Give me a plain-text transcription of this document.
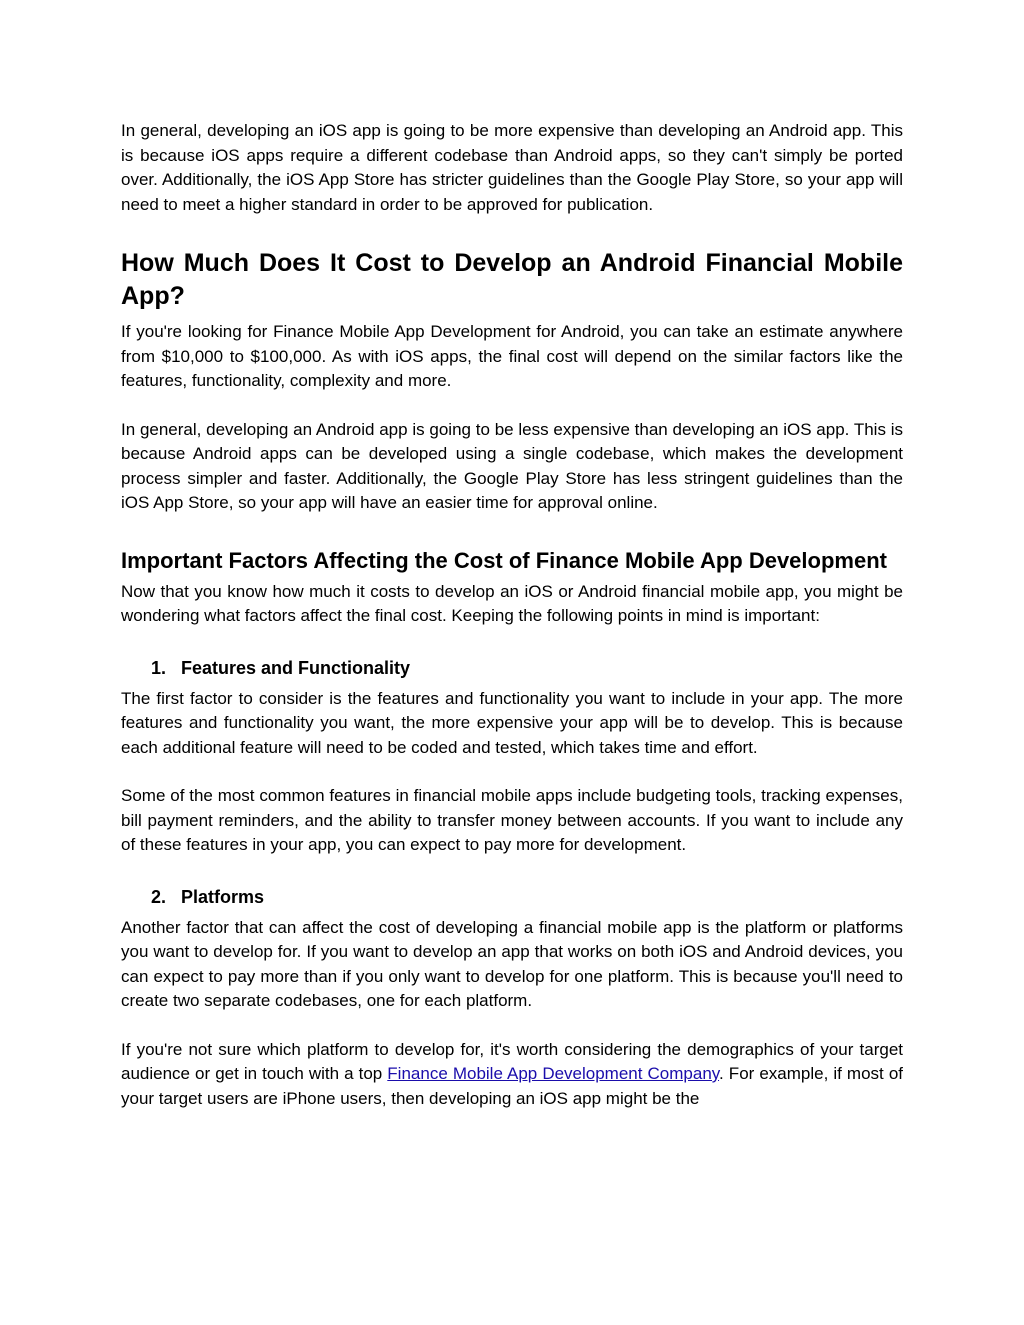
In general, developing an iOS app is going to be more expensive than developing an Android app. This is because iOS apps require a different codebase than Android apps, so they can't simply be ported over. Additionally, the iOS App Store has stricter guidelines than the Google Play Store, so your app will need to meet a higher standard in order to be approved for publication.

How Much Does It Cost to Develop an Android Financial Mobile App?

If you're looking for Finance Mobile App Development for Android, you can take an estimate anywhere from $10,000 to $100,000. As with iOS apps, the final cost will depend on the similar factors like the features, functionality, complexity and more.

In general, developing an Android app is going to be less expensive than developing an iOS app. This is because Android apps can be developed using a single codebase, which makes the development process simpler and faster. Additionally, the Google Play Store has less stringent guidelines than the iOS App Store, so your app will have an easier time for approval online.

Important Factors Affecting the Cost of Finance Mobile App Development

Now that you know how much it costs to develop an iOS or Android financial mobile app, you might be wondering what factors affect the final cost. Keeping the following points in mind is important:

1. Features and Functionality

The first factor to consider is the features and functionality you want to include in your app. The more features and functionality you want, the more expensive your app will be to develop. This is because each additional feature will need to be coded and tested, which takes time and effort.

Some of the most common features in financial mobile apps include budgeting tools, tracking expenses, bill payment reminders, and the ability to transfer money between accounts. If you want to include any of these features in your app, you can expect to pay more for development.

2. Platforms

Another factor that can affect the cost of developing a financial mobile app is the platform or platforms you want to develop for. If you want to develop an app that works on both iOS and Android devices, you can expect to pay more than if you only want to develop for one platform. This is because you'll need to create two separate codebases, one for each platform.

If you're not sure which platform to develop for, it's worth considering the demographics of your target audience or get in touch with a top Finance Mobile App Development Company. For example, if most of your target users are iPhone users, then developing an iOS app might be the
